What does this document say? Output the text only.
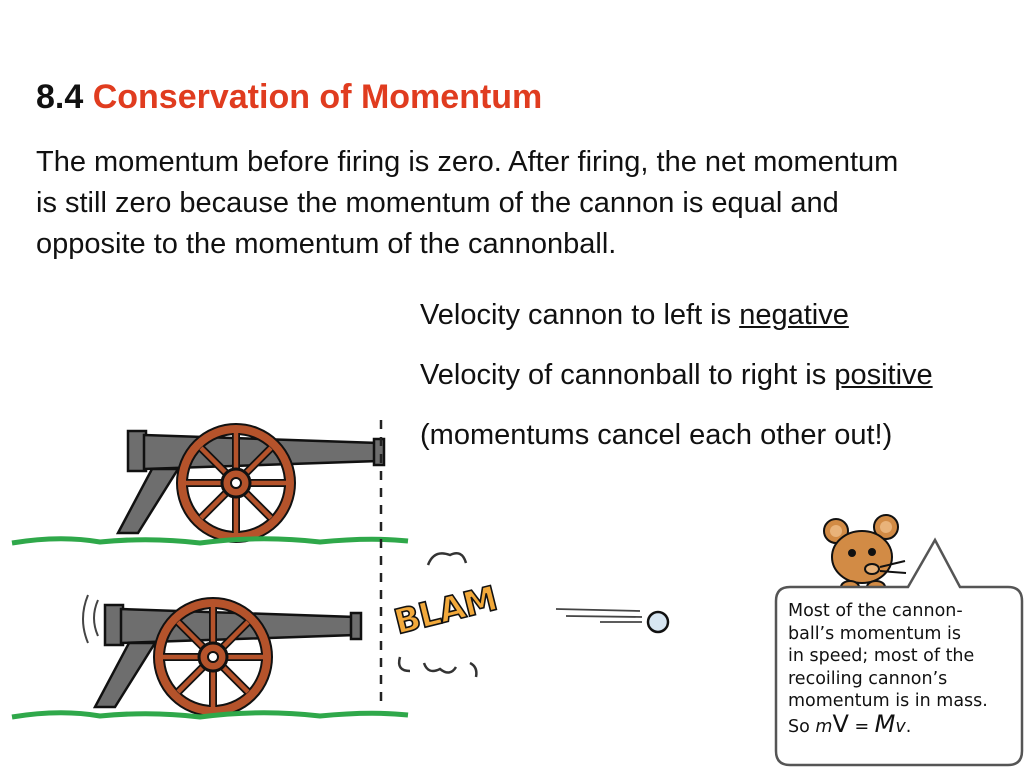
8.4 Conservation of Momentum
The momentum before firing is zero. After firing, the net momentum is still zero because the momentum of the cannon is equal and opposite to the momentum of the cannonball.

Velocity cannon to left is negative

Velocity of cannonball to right is positive

(momentums cancel each other out!)

BLAM	Most of the cannon-
ball’s momentum is
in speed; most of the
recoiling cannon’s
momentum is in mass.
So mV = Mv.
